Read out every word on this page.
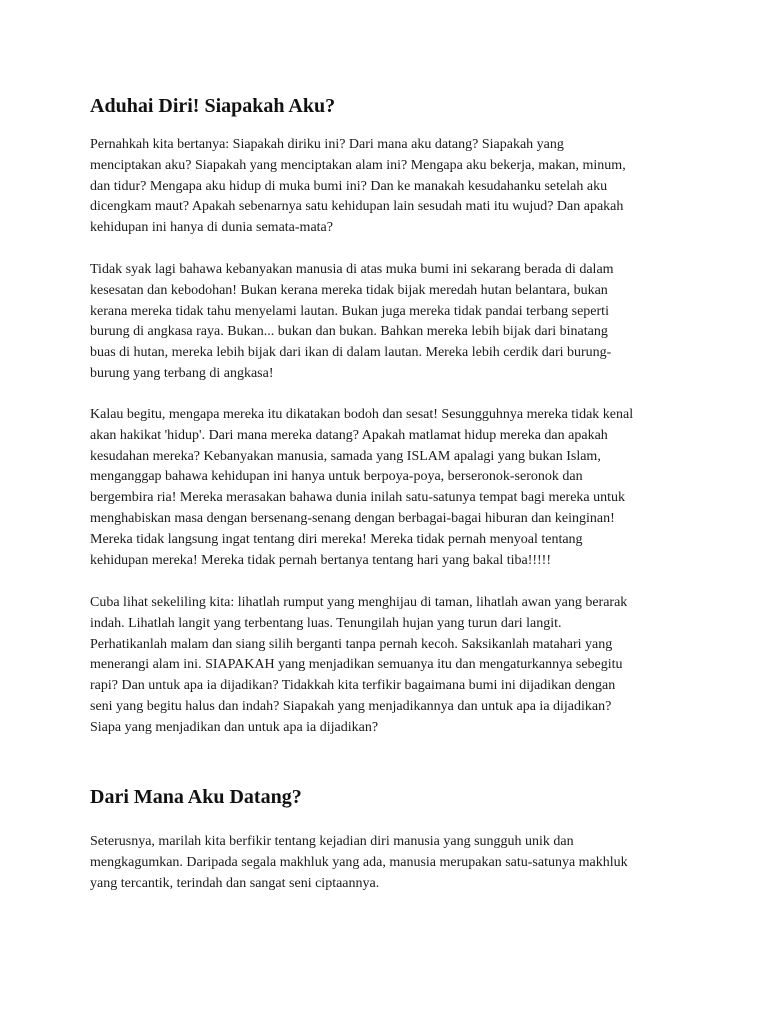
Aduhai Diri! Siapakah Aku?

Pernahkah kita bertanya: Siapakah diriku ini? Dari mana aku datang? Siapakah yang
menciptakan aku? Siapakah yang menciptakan alam ini? Mengapa aku bekerja, makan, minum,
dan tidur? Mengapa aku hidup di muka bumi ini? Dan ke manakah kesudahanku setelah aku
dicengkam maut? Apakah sebenarnya satu kehidupan lain sesudah mati itu wujud? Dan apakah
kehidupan ini hanya di dunia semata-mata?

Tidak syak lagi bahawa kebanyakan manusia di atas muka bumi ini sekarang berada di dalam
kesesatan dan kebodohan! Bukan kerana mereka tidak bijak meredah hutan belantara, bukan
kerana mereka tidak tahu menyelami lautan. Bukan juga mereka tidak pandai terbang seperti
burung di angkasa raya. Bukan... bukan dan bukan. Bahkan mereka lebih bijak dari binatang
buas di hutan, mereka lebih bijak dari ikan di dalam lautan. Mereka lebih cerdik dari burung-
burung yang terbang di angkasa!

Kalau begitu, mengapa mereka itu dikatakan bodoh dan sesat! Sesungguhnya mereka tidak kenal
akan hakikat 'hidup'. Dari mana mereka datang? Apakah matlamat hidup mereka dan apakah
kesudahan mereka? Kebanyakan manusia, samada yang ISLAM apalagi yang bukan Islam,
menganggap bahawa kehidupan ini hanya untuk berpoya-poya, berseronok-seronok dan
bergembira ria! Mereka merasakan bahawa dunia inilah satu-satunya tempat bagi mereka untuk
menghabiskan masa dengan bersenang-senang dengan berbagai-bagai hiburan dan keinginan!
Mereka tidak langsung ingat tentang diri mereka! Mereka tidak pernah menyoal tentang
kehidupan mereka! Mereka tidak pernah bertanya tentang hari yang bakal tiba!!!!!

Cuba lihat sekeliling kita: lihatlah rumput yang menghijau di taman, lihatlah awan yang berarak
indah. Lihatlah langit yang terbentang luas. Tenungilah hujan yang turun dari langit.
Perhatikanlah malam dan siang silih berganti tanpa pernah kecoh. Saksikanlah matahari yang
menerangi alam ini. SIAPAKAH yang menjadikan semuanya itu dan mengaturkannya sebegitu
rapi? Dan untuk apa ia dijadikan? Tidakkah kita terfikir bagaimana bumi ini dijadikan dengan
seni yang begitu halus dan indah? Siapakah yang menjadikannya dan untuk apa ia dijadikan?
Siapa yang menjadikan dan untuk apa ia dijadikan?

Dari Mana Aku Datang?

Seterusnya, marilah kita berfikir tentang kejadian diri manusia yang sungguh unik dan
mengkagumkan. Daripada segala makhluk yang ada, manusia merupakan satu-satunya makhluk
yang tercantik, terindah dan sangat seni ciptaannya.
